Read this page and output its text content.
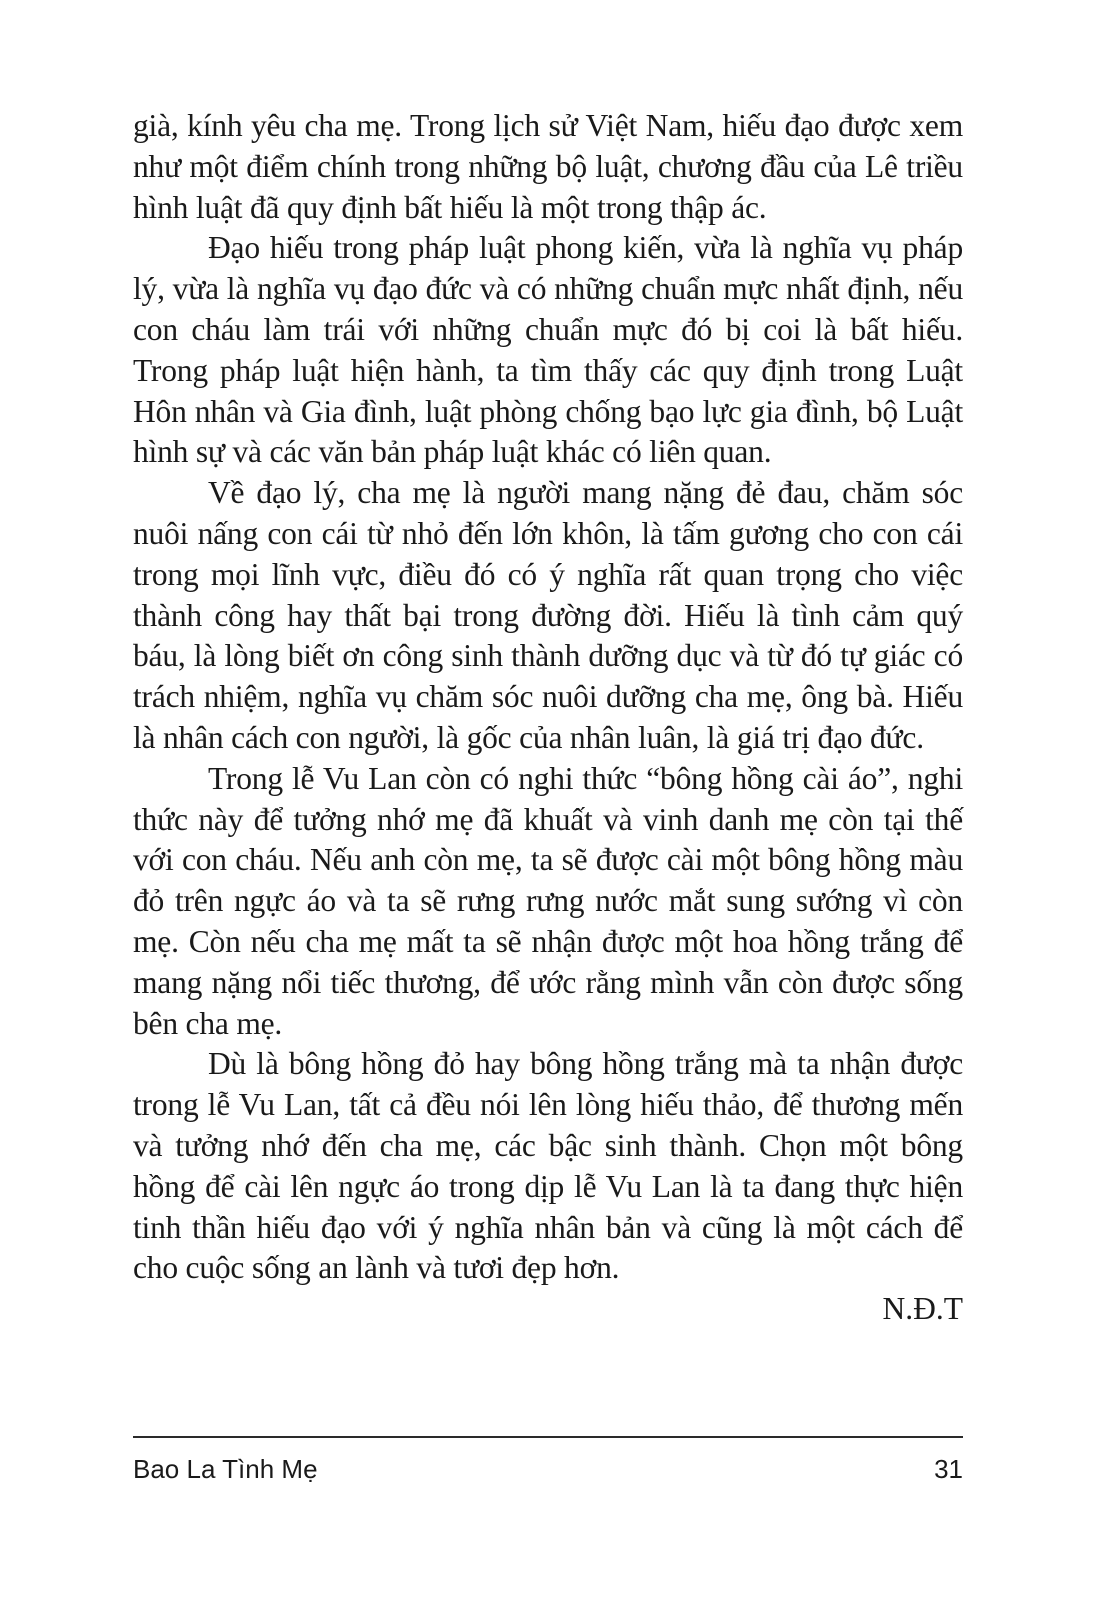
già, kính yêu cha mẹ. Trong lịch sử Việt Nam, hiếu đạo được xem như một điểm chính trong những bộ luật, chương đầu của Lê triều hình luật đã quy định bất hiếu là một trong thập ác.

Đạo hiếu trong pháp luật phong kiến, vừa là nghĩa vụ pháp lý, vừa là nghĩa vụ đạo đức và có những chuẩn mực nhất định, nếu con cháu làm trái với những chuẩn mực đó bị coi là bất hiếu. Trong pháp luật hiện hành, ta tìm thấy các quy định trong Luật Hôn nhân và Gia đình, luật phòng chống bạo lực gia đình, bộ Luật hình sự và các văn bản pháp luật khác có liên quan.

Về đạo lý, cha mẹ là người mang nặng đẻ đau, chăm sóc nuôi nấng con cái từ nhỏ đến lớn khôn, là tấm gương cho con cái trong mọi lĩnh vực, điều đó có ý nghĩa rất quan trọng cho việc thành công hay thất bại trong đường đời. Hiếu là tình cảm quý báu, là lòng biết ơn công sinh thành dưỡng dục và từ đó tự giác có trách nhiệm, nghĩa vụ chăm sóc nuôi dưỡng cha mẹ, ông bà. Hiếu là nhân cách con người, là gốc của nhân luân, là giá trị đạo đức.

Trong lễ Vu Lan còn có nghi thức “bông hồng cài áo”, nghi thức này để tưởng nhớ mẹ đã khuất và vinh danh mẹ còn tại thế với con cháu. Nếu anh còn mẹ, ta sẽ được cài một bông hồng màu đỏ trên ngực áo và ta sẽ rưng rưng nước mắt sung sướng vì còn mẹ. Còn nếu cha mẹ mất ta sẽ nhận được một hoa hồng trắng để mang nặng nổi tiếc thương, để ước rằng mình vẫn còn được sống bên cha mẹ.

Dù là bông hồng đỏ hay bông hồng trắng mà ta nhận được trong lễ Vu Lan, tất cả đều nói lên lòng hiếu thảo, để thương mến và tưởng nhớ đến cha mẹ, các bậc sinh thành. Chọn một bông hồng để cài lên ngực áo trong dịp lễ Vu Lan là ta đang thực hiện tinh thần hiếu đạo với ý nghĩa nhân bản và cũng là một cách để cho cuộc sống an lành và tươi đẹp hơn.

N.Đ.T

Bao La Tình Mẹ	31
